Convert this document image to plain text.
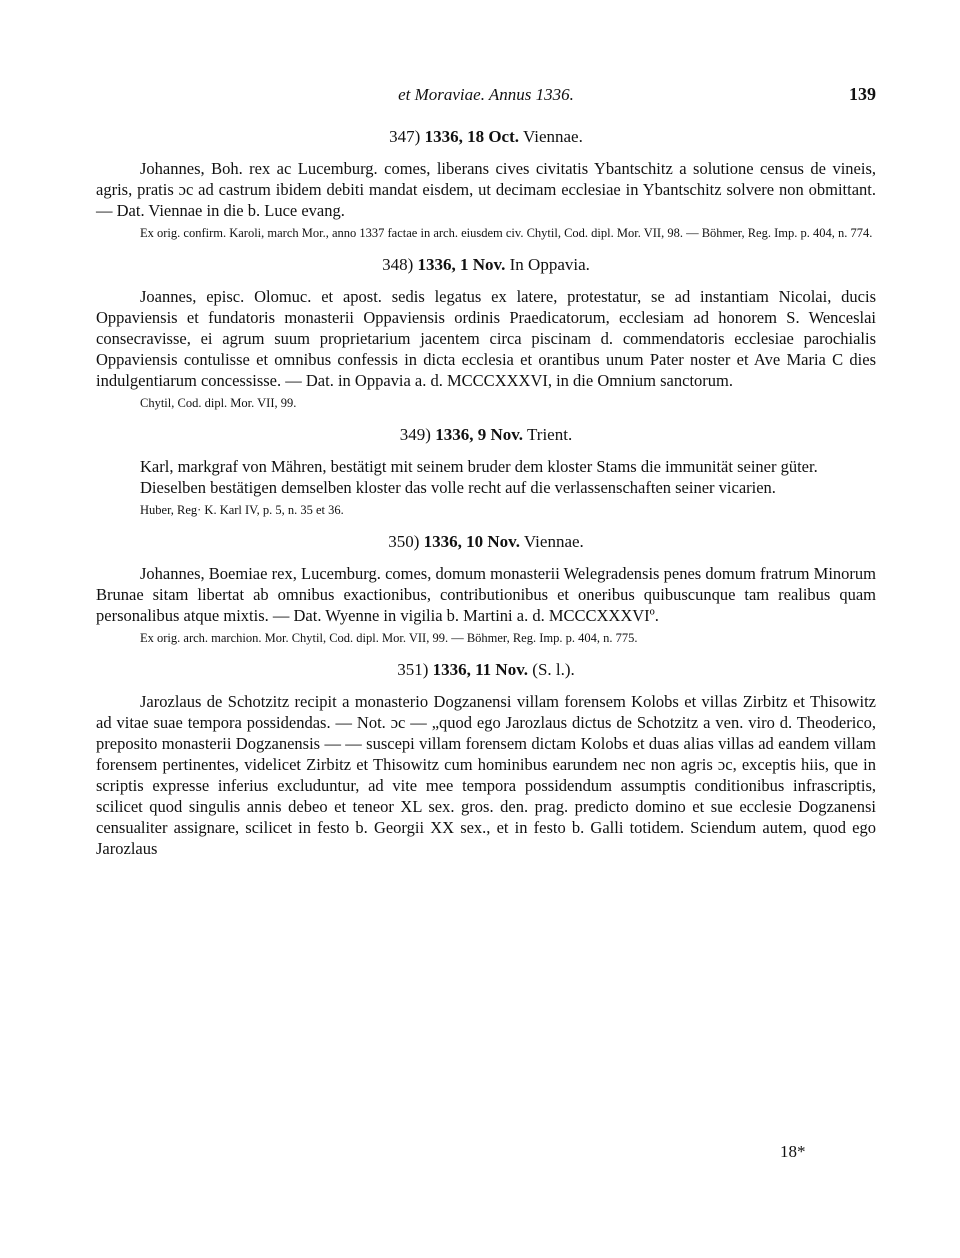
et Moraviae. Annus 1336.	139
347) 1336, 18 Oct. Viennae.

Johannes, Boh. rex ac Lucemburg. comes, liberans cives civitatis Ybantschitz a solutione census de vineis, agris, pratis ɔc ad castrum ibidem debiti mandat eisdem, ut decimam ecclesiae in Ybantschitz solvere non obmittant. — Dat. Viennae in die b. Luce evang.

Ex orig. confirm. Karoli, march Mor., anno 1337 factae in arch. eiusdem civ. Chytil, Cod. dipl. Mor. VII, 98. — Böhmer, Reg. Imp. p. 404, n. 774.

348) 1336, 1 Nov. In Oppavia.

Joannes, episc. Olomuc. et apost. sedis legatus ex latere, protestatur, se ad instantiam Nicolai, ducis Oppaviensis et fundatoris monasterii Oppaviensis ordinis Praedicatorum, ecclesiam ad honorem S. Wenceslai consecravisse, ei agrum suum proprietarium jacentem circa piscinam d. commendatoris ecclesiae parochialis Oppaviensis contulisse et omnibus confessis in dicta ecclesia et orantibus unum Pater noster et Ave Maria C dies indulgentiarum concessisse. — Dat. in Oppavia a. d. MCCCXXXVI, in die Omnium sanctorum.

Chytil, Cod. dipl. Mor. VII, 99.

349) 1336, 9 Nov. Trient.

Karl, markgraf von Mähren, bestätigt mit seinem bruder dem kloster Stams die immunität seiner güter.

Dieselben bestätigen demselben kloster das volle recht auf die verlassenschaften seiner vicarien.

Huber, Reg· K. Karl IV, p. 5, n. 35 et 36.

350) 1336, 10 Nov. Viennae.

Johannes, Boemiae rex, Lucemburg. comes, domum monasterii Welegradensis penes domum fratrum Minorum Brunae sitam libertat ab omnibus exactionibus, contributionibus et oneribus quibuscunque tam realibus quam personalibus atque mixtis. — Dat. Wyenne in vigilia b. Martini a. d. MCCCXXXVIº.

Ex orig. arch. marchion. Mor. Chytil, Cod. dipl. Mor. VII, 99. — Böhmer, Reg. Imp. p. 404, n. 775.

351) 1336, 11 Nov. (S. l.).

Jarozlaus de Schotzitz recipit a monasterio Dogzanensi villam forensem Kolobs et villas Zirbitz et Thisowitz ad vitae suae tempora possidendas. — Not. ɔc — „quod ego Jarozlaus dictus de Schotzitz a ven. viro d. Theoderico, preposito monasterii Dogzanensis — — suscepi villam forensem dictam Kolobs et duas alias villas ad eandem villam forensem pertinentes, videlicet Zirbitz et Thisowitz cum hominibus earundem nec non agris ɔc, exceptis hiis, que in scriptis expresse inferius excluduntur, ad vite mee tempora possidendum assumptis conditionibus infrascriptis, scilicet quod singulis annis debeo et teneor XL sex. gros. den. prag. predicto domino et sue ecclesie Dogzanensi censualiter assignare, scilicet in festo b. Georgii XX sex., et in festo b. Galli totidem. Sciendum autem, quod ego Jarozlaus

18*
